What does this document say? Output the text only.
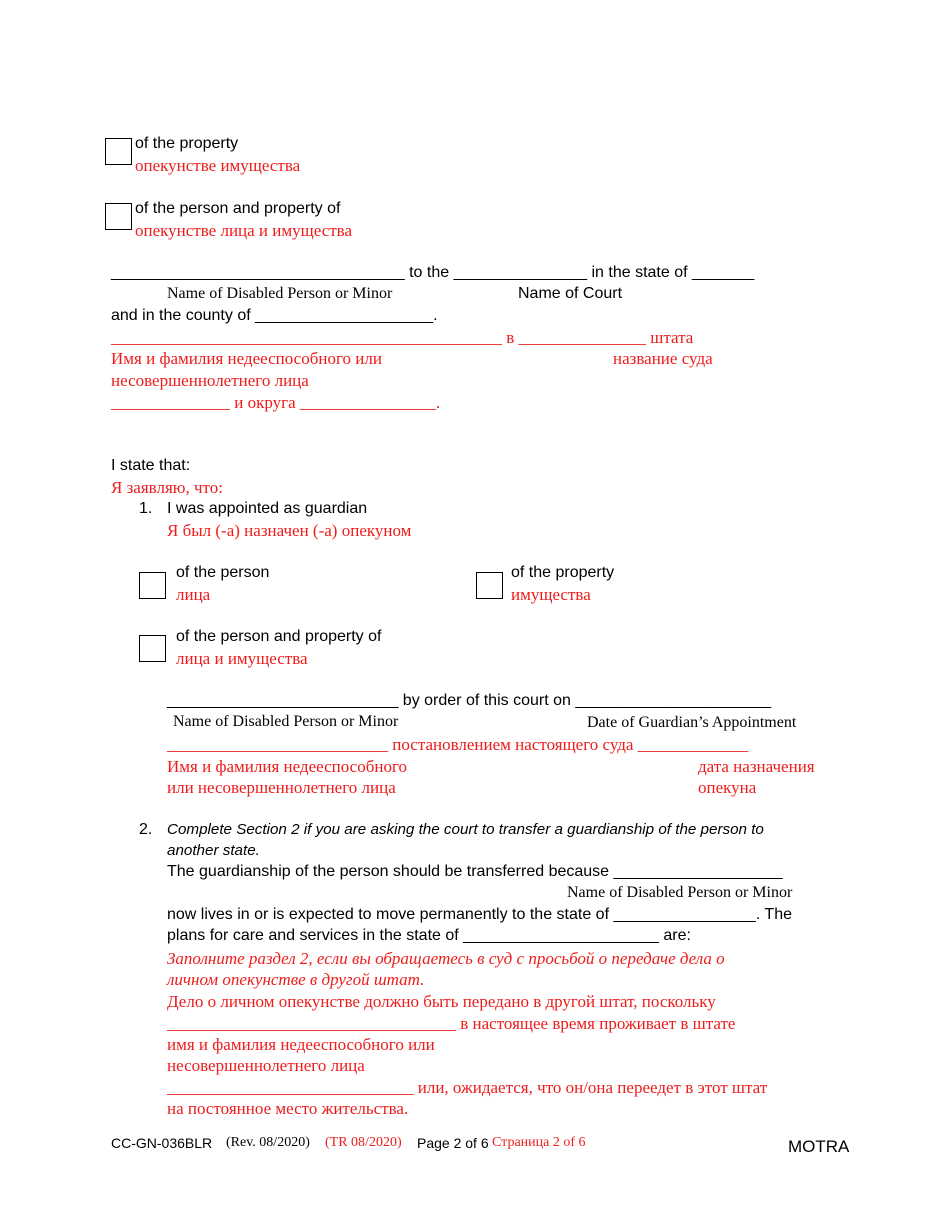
of the property
опекунстве имущества
of the person and property of
опекунстве лица и имущества
_________________________________ to the _______________ in the state of _______
Name of Disabled Person or Minor	Name of Court
and in the county of ____________________.
______________________________________________ в _______________ штата
Имя и фамилия недееспособного или	название суда
несовершеннолетнего лица
______________ и округа ________________.
I state that:
Я заявляю, что:
1. I was appointed as guardian
Я был (-а) назначен (-а) опекуном
of the person
лица
of the property
имущества
of the person and property of
лица и имущества
__________________________ by order of this court on ______________________
Name of Disabled Person or Minor	Date of Guardian’s Appointment
__________________________ постановлением настоящего суда _____________
Имя и фамилия недееспособного	дата назначения
или несовершеннолетнего лица	опекуна
2. Complete Section 2 if you are asking the court to transfer a guardianship of the person to
another state.
The guardianship of the person should be transferred because ___________________
Name of Disabled Person or Minor
now lives in or is expected to move permanently to the state of ________________. The
plans for care and services in the state of ______________________ are:
Заполните раздел 2, если вы обращаетесь в суд с просьбой о передаче дела о
личном опекунстве в другой штат.
Дело о личном опекунстве должно быть передано в другой штат, поскольку
__________________________________ в настоящее время проживает в штате
имя и фамилия недееспособного или
несовершеннолетнего лица
_____________________________ или, ожидается, что он/она переедет в этот штат
на постоянное место жительства.
CC-GN-036BLR (Rev. 08/2020) (TR 08/2020) Page 2 of 6 Страница 2 of 6	MOTRA
